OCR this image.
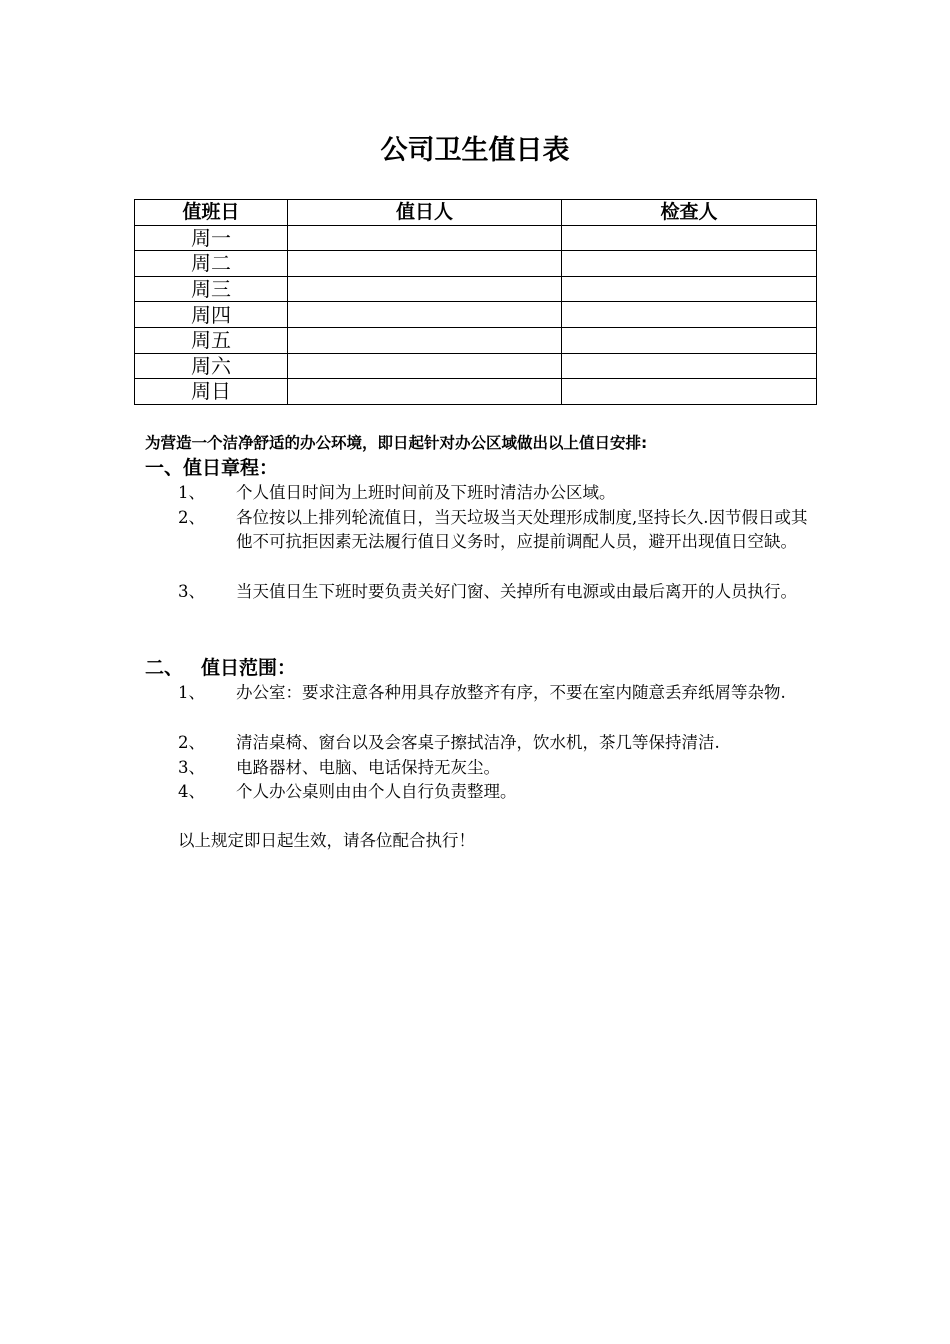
公司卫生值日表
值班日	值日人	检查人
周一		
周二		
周三		
周四		
周五		
周六		
周日		
为营造一个洁净舒适的办公环境，即日起针对办公区域做出以上值日安排:
一、值日章程：
1、 个人值日时间为上班时间前及下班时清洁办公区域。
2、 各位按以上排列轮流值日，当天垃圾当天处理形成制度,坚持长久.因节假日或其他不可抗拒因素无法履行值日义务时，应提前调配人员，避开出现值日空缺。
3、 当天值日生下班时要负责关好门窗、关掉所有电源或由最后离开的人员执行。
二、 值日范围：
1、 办公室：要求注意各种用具存放整齐有序，不要在室内随意丢弃纸屑等杂物.
2、 清洁桌椅、窗台以及会客桌子擦拭洁净，饮水机，茶几等保持清洁.
3、 电路器材、电脑、电话保持无灰尘。
4、 个人办公桌则由由个人自行负责整理。
以上规定即日起生效，请各位配合执行！
